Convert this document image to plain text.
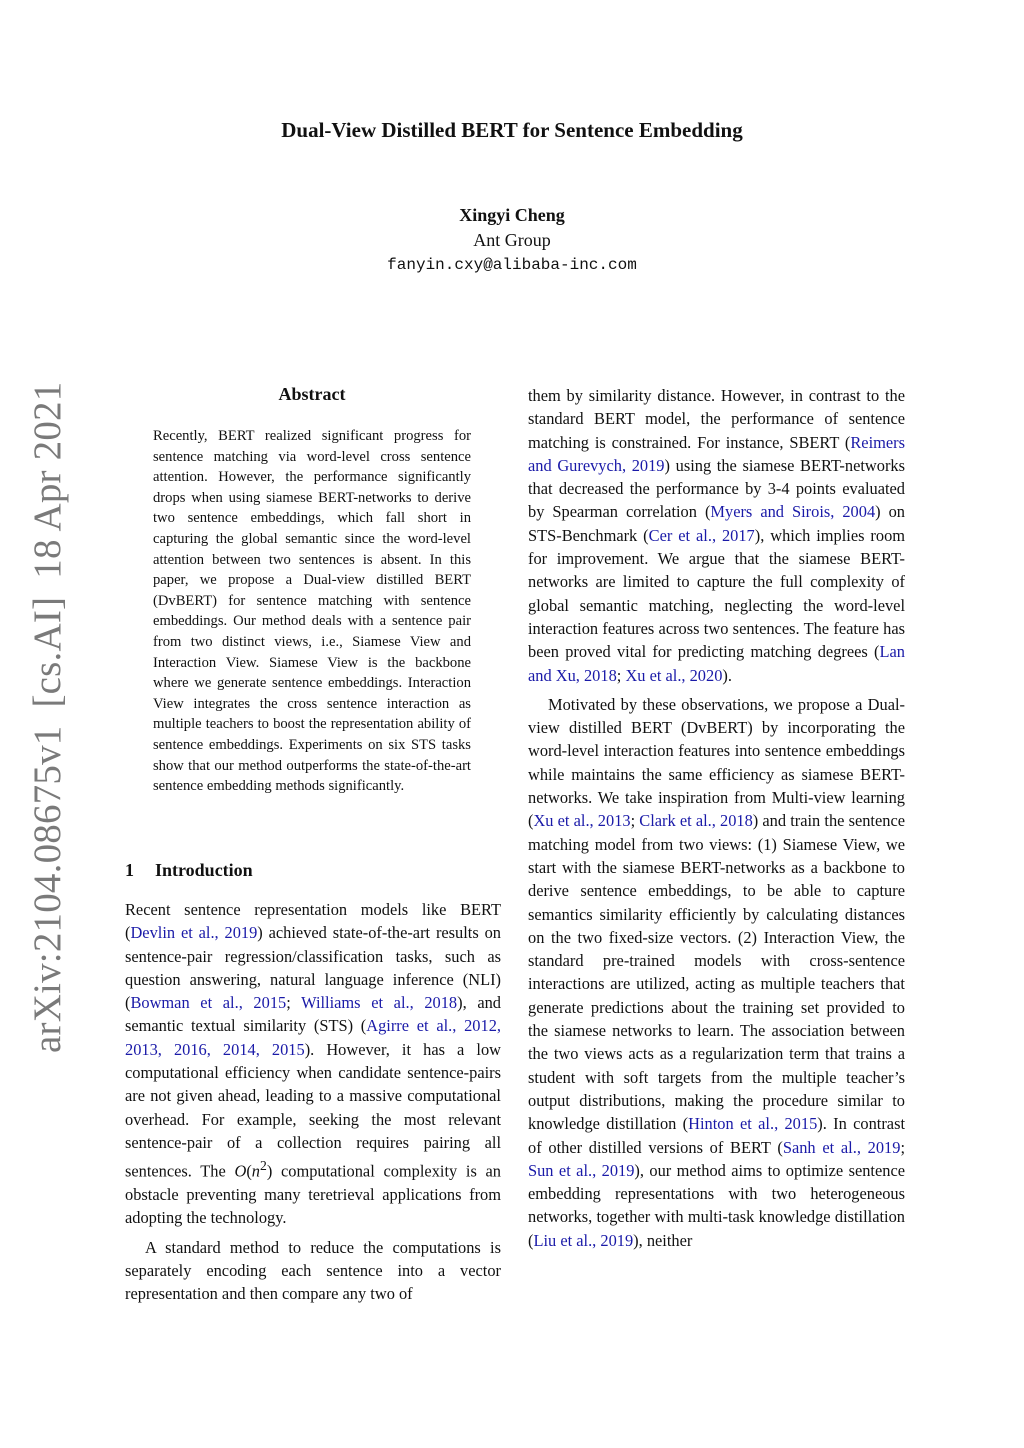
arXiv:2104.08675v1[cs.AI]18 Apr 2021
Dual-View Distilled BERT for Sentence Embedding
Xingyi Cheng
Ant Group
fanyin.cxy@alibaba-inc.com
Abstract

Recently, BERT realized significant progress for sentence matching via word-level cross sentence attention. However, the performance significantly drops when using siamese BERT-networks to derive two sentence embeddings, which fall short in capturing the global semantic since the word-level attention between two sentences is absent. In this paper, we propose a Dual-view distilled BERT (DvBERT) for sentence matching with sentence embeddings. Our method deals with a sentence pair from two distinct views, i.e., Siamese View and Interaction View. Siamese View is the backbone where we generate sentence embeddings. Interaction View integrates the cross sentence interaction as multiple teachers to boost the representation ability of sentence embeddings. Experiments on six STS tasks show that our method outperforms the state-of-the-art sentence embedding methods significantly.

1 Introduction

Recent sentence representation models like BERT (Devlin et al., 2019) achieved state-of-the-art results on sentence-pair regression/classification tasks, such as question answering, natural language inference (NLI) (Bowman et al., 2015; Williams et al., 2018), and semantic textual similarity (STS) (Agirre et al., 2012, 2013, 2016, 2014, 2015). However, it has a low computational efficiency when candidate sentence-pairs are not given ahead, leading to a massive computational overhead. For example, seeking the most relevant sentence-pair of a collection requires pairing all sentences. The $O(n^2)$ computational complexity is an obstacle preventing many teretrieval applications from adopting the technology.

A standard method to reduce the computations is separately encoding each sentence into a vector representation and then compare any two of

them by similarity distance. However, in contrast to the standard BERT model, the performance of sentence matching is constrained. For instance, SBERT (Reimers and Gurevych, 2019) using the siamese BERT-networks that decreased the performance by 3-4 points evaluated by Spearman correlation (Myers and Sirois, 2004) on STS-Benchmark (Cer et al., 2017), which implies room for improvement. We argue that the siamese BERT-networks are limited to capture the full complexity of global semantic matching, neglecting the word-level interaction features across two sentences. The feature has been proved vital for predicting matching degrees (Lan and Xu, 2018; Xu et al., 2020).

Motivated by these observations, we propose a Dual-view distilled BERT (DvBERT) by incorporating the word-level interaction features into sentence embeddings while maintains the same efficiency as siamese BERT-networks. We take inspiration from Multi-view learning (Xu et al., 2013; Clark et al., 2018) and train the sentence matching model from two views: (1) Siamese View, we start with the siamese BERT-networks as a backbone to derive sentence embeddings, to be able to capture semantics similarity efficiently by calculating distances on the two fixed-size vectors. (2) Interaction View, the standard pre-trained models with cross-sentence interactions are utilized, acting as multiple teachers that generate predictions about the training set provided to the siamese networks to learn. The association between the two views acts as a regularization term that trains a student with soft targets from the multiple teacher’s output distributions, making the procedure similar to knowledge distillation (Hinton et al., 2015). In contrast of other distilled versions of BERT (Sanh et al., 2019; Sun et al., 2019), our method aims to optimize sentence embedding representations with two heterogeneous networks, together with multi-task knowledge distillation (Liu et al., 2019), neither
